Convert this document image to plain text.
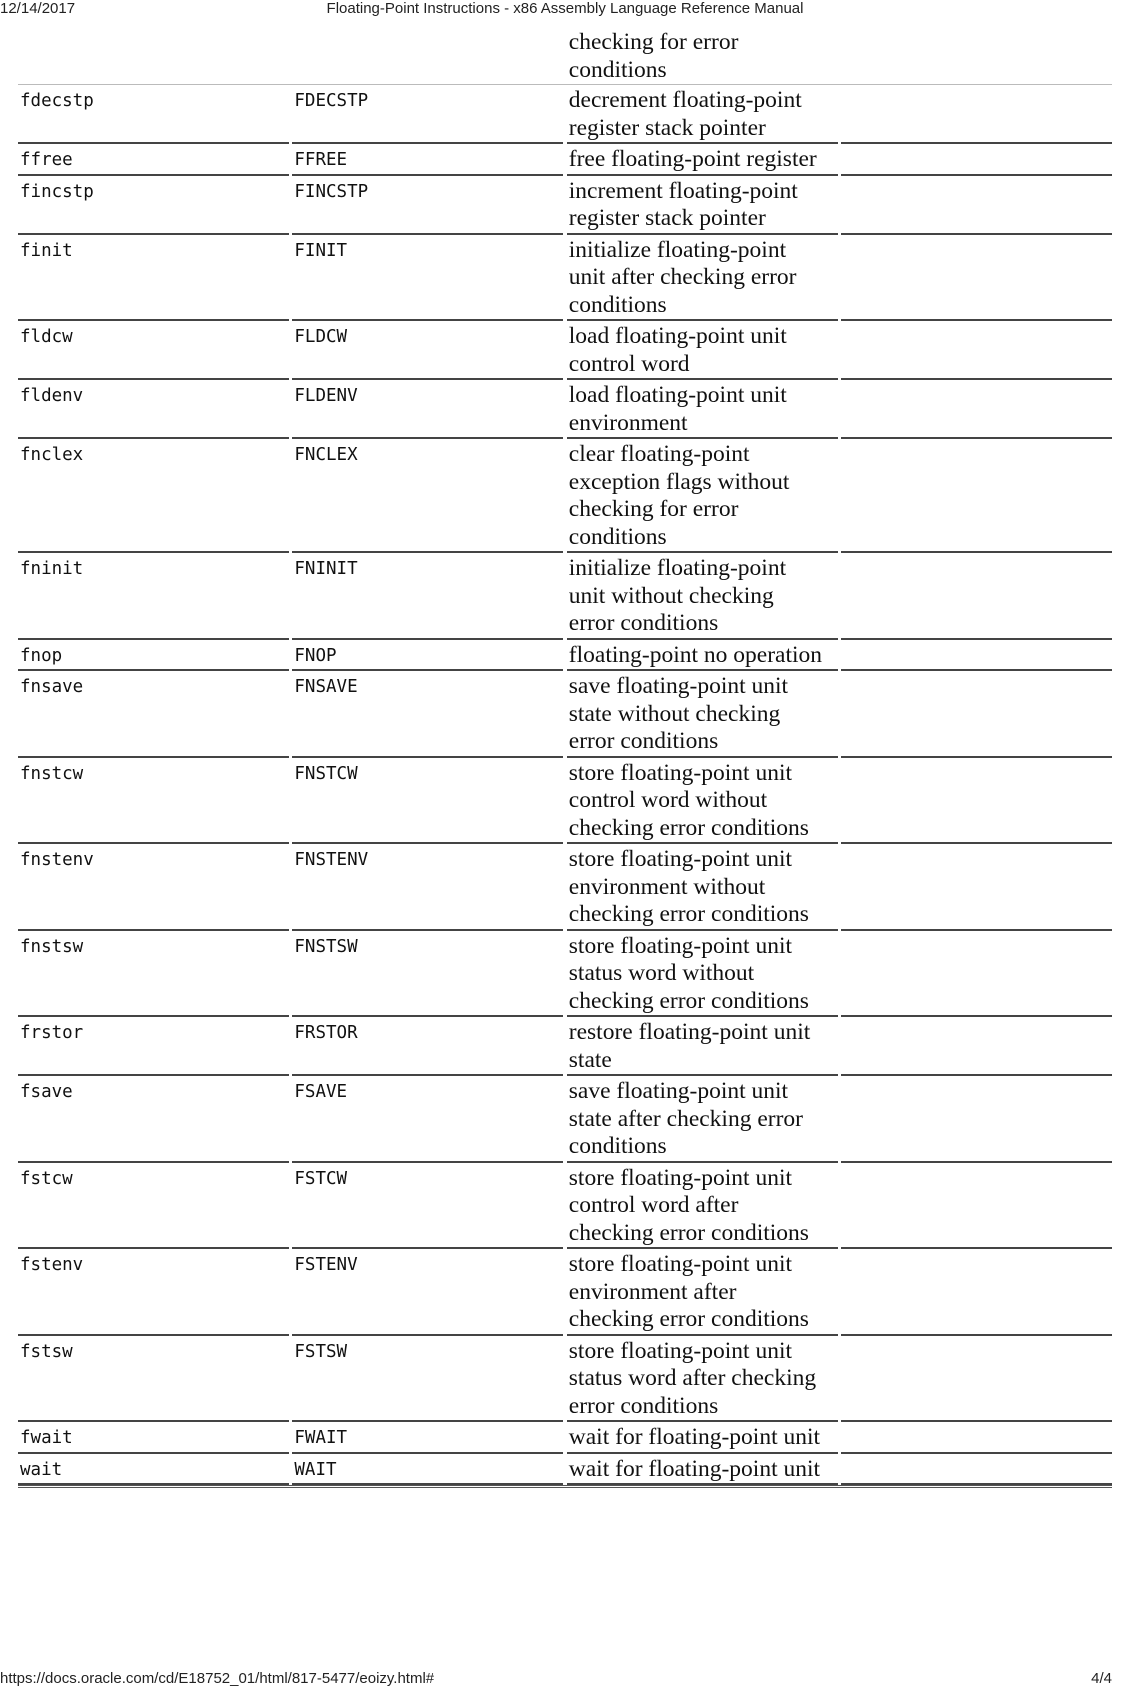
12/14/2017	Floating-Point Instructions - x86 Assembly Language Reference Manual
checking for error
conditions
fdecstp	FDECSTP	decrement floating-point
register stack pointer
ffree	FFREE	free floating-point register
fincstp	FINCSTP	increment floating-point
register stack pointer
finit	FINIT	initialize floating-point
unit after checking error
conditions
fldcw	FLDCW	load floating-point unit
control word
fldenv	FLDENV	load floating-point unit
environment
fnclex	FNCLEX	clear floating-point
exception flags without
checking for error
conditions
fninit	FNINIT	initialize floating-point
unit without checking
error conditions
fnop	FNOP	floating-point no operation
fnsave	FNSAVE	save floating-point unit
state without checking
error conditions
fnstcw	FNSTCW	store floating-point unit
control word without
checking error conditions
fnstenv	FNSTENV	store floating-point unit
environment without
checking error conditions
fnstsw	FNSTSW	store floating-point unit
status word without
checking error conditions
frstor	FRSTOR	restore floating-point unit
state
fsave	FSAVE	save floating-point unit
state after checking error
conditions
fstcw	FSTCW	store floating-point unit
control word after
checking error conditions
fstenv	FSTENV	store floating-point unit
environment after
checking error conditions
fstsw	FSTSW	store floating-point unit
status word after checking
error conditions
fwait	FWAIT	wait for floating-point unit
wait	WAIT	wait for floating-point unit
https://docs.oracle.com/cd/E18752_01/html/817-5477/eoizy.html#	4/4
